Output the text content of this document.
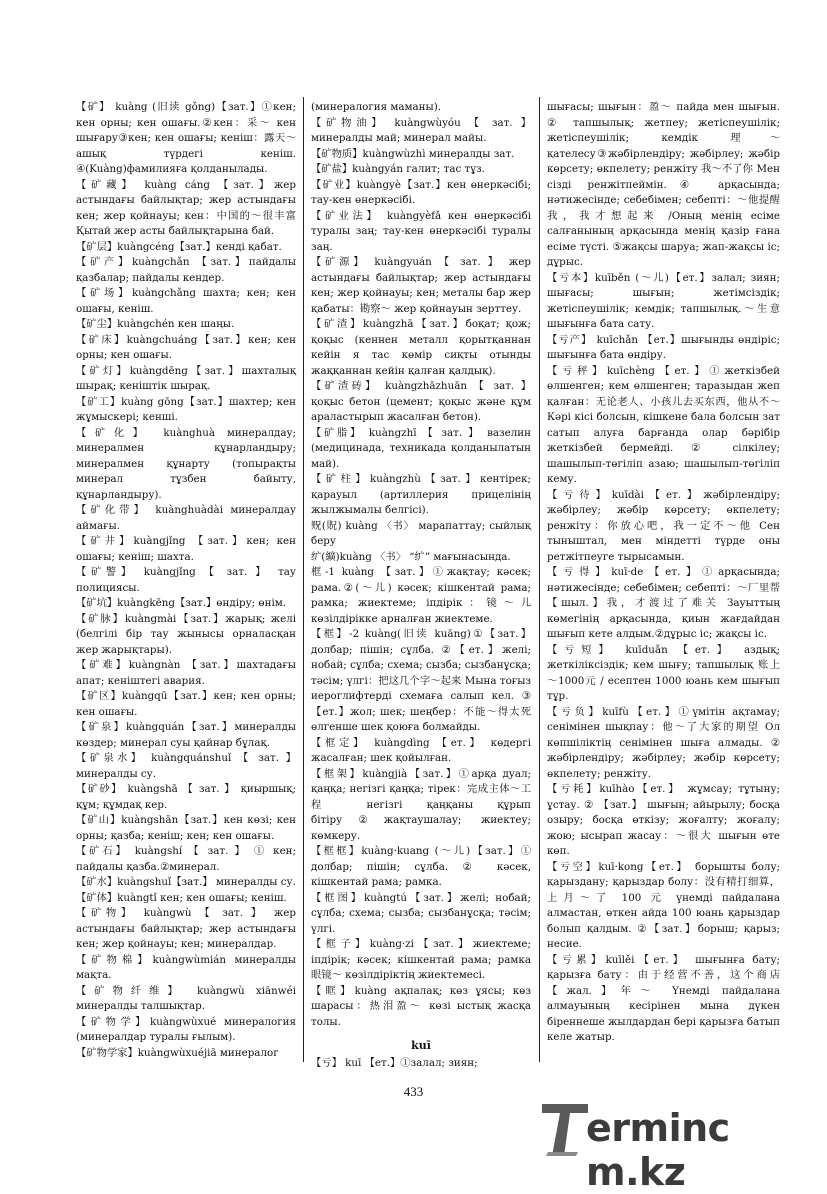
【矿】 kuàng (旧读 gǒng)【зат.】①кен; кен орны; кен ошағы.②кен：采～ кен шығару③кен; кен ошағы; кеніш：露天～ ашық түрдегі кеніш. ④(Kuàng)фамилияға қолданылады.

【矿藏】 kuàng cáng 【зат.】жер астындағы байлықтар; жер астындағы кен; жер қойнауы; кен：中国的～很丰富 Қытай жер асты байлықтарына бай.

【矿层】kuàngcéng【зат.】кенді қабат.

【矿产】kuàngchǎn 【зат.】пайдалы қазбалар; пайдалы кендер.

【矿场】kuàngchǎng шахта; кен; кен ошағы, кеніш.

【矿尘】kuàngchén кен шаңы.

【矿床】kuàngchuáng【зат.】кен; кен орны; кен ошағы.

【矿灯】kuàngdēng【зат.】шахталық шырақ; кеніштік шырақ.

【矿工】kuàng gōng【зат.】шахтер; кен жұмыскері; кенші.

【矿化】 kuànghuà минералдау; минералмен құнарландыру; минералмен құнарту (топырақты минерал тұзбен байыту, құнарландыру).

【矿化带】 kuànghuàdài минералдау аймағы.

【矿井】kuàngjǐng 【зат.】кен; кен ошағы; кеніш; шахта.

【矿警】 kuàngjǐng 【 зат. 】 тау полициясы.

【矿坑】kuàngkēng【зат.】өндіру; өнім.

【矿脉】kuàngmài【зат.】жарық; желі (белгілі бір тау жынысы орналасқан жер жарықтары).

【矿难】kuàngnàn 【зат.】шахтадағы апат; кеніштегі авария.

【矿区】kuàngqū【зат.】кен; кен орны; кен ошағы.

【矿泉】kuàngquán【зат.】минералды көздер; минерал суы қайнар бұлақ.

【矿泉水】 kuàngquánshuǐ 【 зат. 】 минералды су.

【矿砂】 kuàngshā 【 зат. 】 қиыршық; құм; құмдақ кер.

【矿山】kuàngshān【зат.】кен көзі; кен орны; қазба; кеніш; кен; кен ошағы.

【矿石】 kuàngshí 【 зат. 】 ① кен; пайдалы қазба.②минерал.

【矿水】kuàngshuǐ【зат.】 минералды су.

【矿体】kuàngtǐ кен; кен ошағы; кеніш.

【矿物】 kuàngwù 【 зат. 】 жер астындағы байлықтар; жер астындағы кен; жер қойнауы; кен; минералдар.

【矿物棉】kuàngwùmián минералды мақта.

【矿物纤维】 kuàngwù xiānwéi минералды талшықтар.

【矿物学】kuàngwùxué минералогия (минералдар туралы ғылым).

【矿物学家】kuàngwùxuéjiā минералог

(минералогия маманы).

【矿物油】 kuàngwùyóu 【 зат. 】 минералды май; минерал майы.

【矿物质】kuàngwùzhì минералды зат.

【矿盐】kuàngyán галит; тас тұз.

【矿业】kuàngyè【зат.】кен өнеркәсібі; тау-кен өнеркәсібі.

【矿业法】 kuàngyèfǎ кен өнеркәсібі туралы заң; тау-кен өнеркәсібі туралы заң.

【矿源】 kuàngyuán 【 зат. 】 жер астындағы байлықтар; жер астындағы кен; жер қойнауы; кен; металы бар жер қабаты：勘察～ жер қойнауын зерттеу.

【矿渣】kuàngzhā【зат.】боқат; қож; қоқыс (кеннен металл қорытқаннан кейін я тас көмір сиқты отынды жаққаннан кейін қалған қалдық).

【矿渣砖】 kuàngzhāzhuān 【 зат. 】 қоқыс бетон (цемент; қоқыс және құм араластырып жасалған бетон).

【矿脂】 kuàngzhī 【 зат. 】 вазелин (медицинада, техникада қолданылатын май).

【矿柱】kuàngzhù【зат.】кентірек; қарауыл (артиллерия прицелінің жылжымалы белгісі).

贶(貺) kuàng 〈书〉 марапаттау; сыйлық беру

纩(纊)kuàng 〈书〉 “纩” мағынасында.

框-1 kuàng 【зат.】①жақтау; кәсек; рама.②(～儿) кәсек; кішкентай рама; рамка; жиектеме; іпдірік：镜～儿 көзілдірікке арналған жиектеме.

【框】-2 kuàng(旧读 kuāng)①【зат.】 долбар; пішін; сұлба. ②【ет.】желі; нобай; сұлба; схема; сызба; сызбанұсқа; тәсім; үлгі：把这几个字～起来 Мына тоғыз иероглифтерді схемаға салып кел. ③【ет.】жол; шек; шеңбер：不能～得太死 өлгенше шек қоюға болмайды.

【框定】 kuàngdìng 【ет.】 көдергі жасалған; шек қойылған.

【框架】kuàngjià【зат.】①арқа дуал; қаңқа; негізгі қаңқа; тірек：完成主体～工程 негізгі қаңқаны құрып бітіру②жақтаушалау; жиектеу; көмкеру.

【框框】kuàng·kuang (～儿)【зат.】① долбар; пішін; сұлба. ② кәсек, кішкентай рама; рамка.

【框图】kuàngtú【зат.】желі; нобай; сұлба; схема; сызба; сызбанұсқа; тәсім; үлгі.

【框子】kuàng·zi【зат.】жиектеме; іпдірік; кәсек; кішкентай рама; рамка 眼镜～ көзілдіріктің жиектемесі.

【眶】kuàng ақпалақ; көз ұясы; көз шарасы：热泪盈～ көзі ыстық жасқа толы.

kuī

【亏】 kuī 【ет.】①залал; зиян;

шығасы; шығын：盈～ пайда мен шығын. ② тапшылық; жетпеу; жетіспеушілік; жетіспеушілік; кемдік 理～ қателесу③жәбірлендіру; жәбірлеу; жәбір көрсету; өкпелету; ренжіту 我～不了你 Мен сізді ренжітпеймін.④ арқасында; нәтижесінде; себебімен; себепті：～他提醒我，我才想起来 /Оның менің есіме салғанының арқасында менің қазір ғана есіме түсті. ⑤жақсы шаруа; жап-жақсы іс; дұрыс.

【亏本】kuīběn (～儿)【ет.】залал; зиян; шығасы; шығын; жетімсіздік; жетіспеушілік; кемдік; тапшылық.～生意 шығынға бата сату.

【亏产】 kuīchǎn 【ет.】шығынды өндіріс; шығынға бата өндіру.

【亏秤】kuīchèng【ет.】①жеткізбей өлшенген; кем өлшенген; таразыдан жеп қалған：无论老人、小孩儿去买东西，他从不～ Кәрі кісі болсын, кішкене бала болсын зат сатып алуға барғанда олар бәрібір жеткізбей бермейді. ② сілкілеу; шашылып-төгіліп азаю; шашылып-төгіліп кему.

【亏待】kuīdài【ет.】жәбірлендіру; жәбірлеу; жәбір көрсету; өкпелету; ренжіту：你放心吧，我一定不～他 Сен тыныштал, мен міндетті түрде оны ретжітпеуге тырысамын.

【亏得】kuī·de【ет.】①арқасында; нәтижесінде; себебімен; себепті：～厂里帮【шыл.】我，才渡过了难关 Зауыттың көмегінің арқасында, қиын жағдайдан шығып кете алдым.②дұрыс іс; жақсы іс.

【亏短】 kuīduǎn 【ет.】 аздық; жеткіліксіздік; кем шығу; тапшылық 账上～1000元 / есептен 1000 юань кем шығып тұр.

【亏负】kuīfù【ет.】①үмітін ақтамау; сенімінен шықпау：他～了大家的期望 Ол көпшіліктің сенімінен шыға алмады. ② жәбірлендіру; жәбірлеу; жәбір көрсету; өкпелету; ренжіту.

【亏耗】kuīhào【ет.】 жұмсау; тұтыну; ұстау. ② 【зат.】 шығын; айырылу; босқа озыру; босқа өткізу; жоғалту; жоғалу; жою; ысырап жасау：～很大 шығын өте көп.

【亏空】kuī·kong【ет.】 борышты болу; қарыздану; қарыздар болу：没有精打细算，上月～了 100 元 үнемді пайдалана алмастан, өткен айда 100 юань қарыздар болып қалдым. ②【зат.】борыш; қарыз; несие.

【亏累】kuīlěi【ет.】 шығынға бату; қарызға бату：由于经营不善，这个商店【жал.】年～ Үнемді пайдалана алмауының кесірінен мына дүкен біреннеше жылдардан бері қарызға батып келе жатыр.

433
erminc m.kz
